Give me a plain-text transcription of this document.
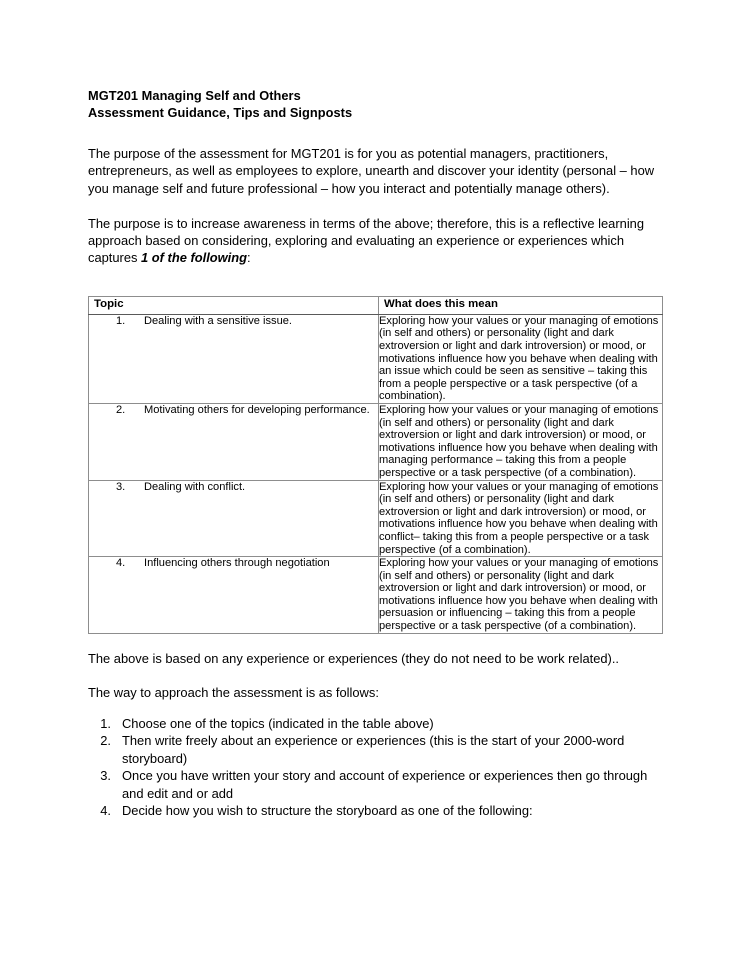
MGT201 Managing Self and Others
Assessment Guidance, Tips and Signposts

The purpose of the assessment for MGT201 is for you as potential managers, practitioners, entrepreneurs, as well as employees to explore, unearth and discover your identity (personal – how you manage self and future professional – how you interact and potentially manage others).

The purpose is to increase awareness in terms of the above; therefore, this is a reflective learning approach based on considering, exploring and evaluating an experience or experiences which captures 1 of the following:

Topic	What does this mean

1. Dealing with a sensitive issue.	Exploring how your values or your managing of emotions (in self and others) or personality (light and dark extroversion or light and dark introversion) or mood, or motivations influence how you behave when dealing with an issue which could be seen as sensitive – taking this from a people perspective or a task perspective (of a combination).

2. Motivating others for developing performance.	Exploring how your values or your managing of emotions (in self and others) or personality (light and dark extroversion or light and dark introversion) or mood, or motivations influence how you behave when dealing with managing performance – taking this from a people perspective or a task perspective (of a combination).

3. Dealing with conflict.	Exploring how your values or your managing of emotions (in self and others) or personality (light and dark extroversion or light and dark introversion) or mood, or motivations influence how you behave when dealing with conflict– taking this from a people perspective or a task perspective (of a combination).

4. Influencing others through negotiation	Exploring how your values or your managing of emotions (in self and others) or personality (light and dark extroversion or light and dark introversion) or mood, or motivations influence how you behave when dealing with persuasion or influencing – taking this from a people perspective or a task perspective (of a combination).

The above is based on any experience or experiences (they do not need to be work related)..

The way to approach the assessment is as follows:

1. Choose one of the topics (indicated in the table above)
2. Then write freely about an experience or experiences (this is the start of your 2000-word storyboard)
3. Once you have written your story and account of experience or experiences then go through and edit and or add
4. Decide how you wish to structure the storyboard as one of the following:
